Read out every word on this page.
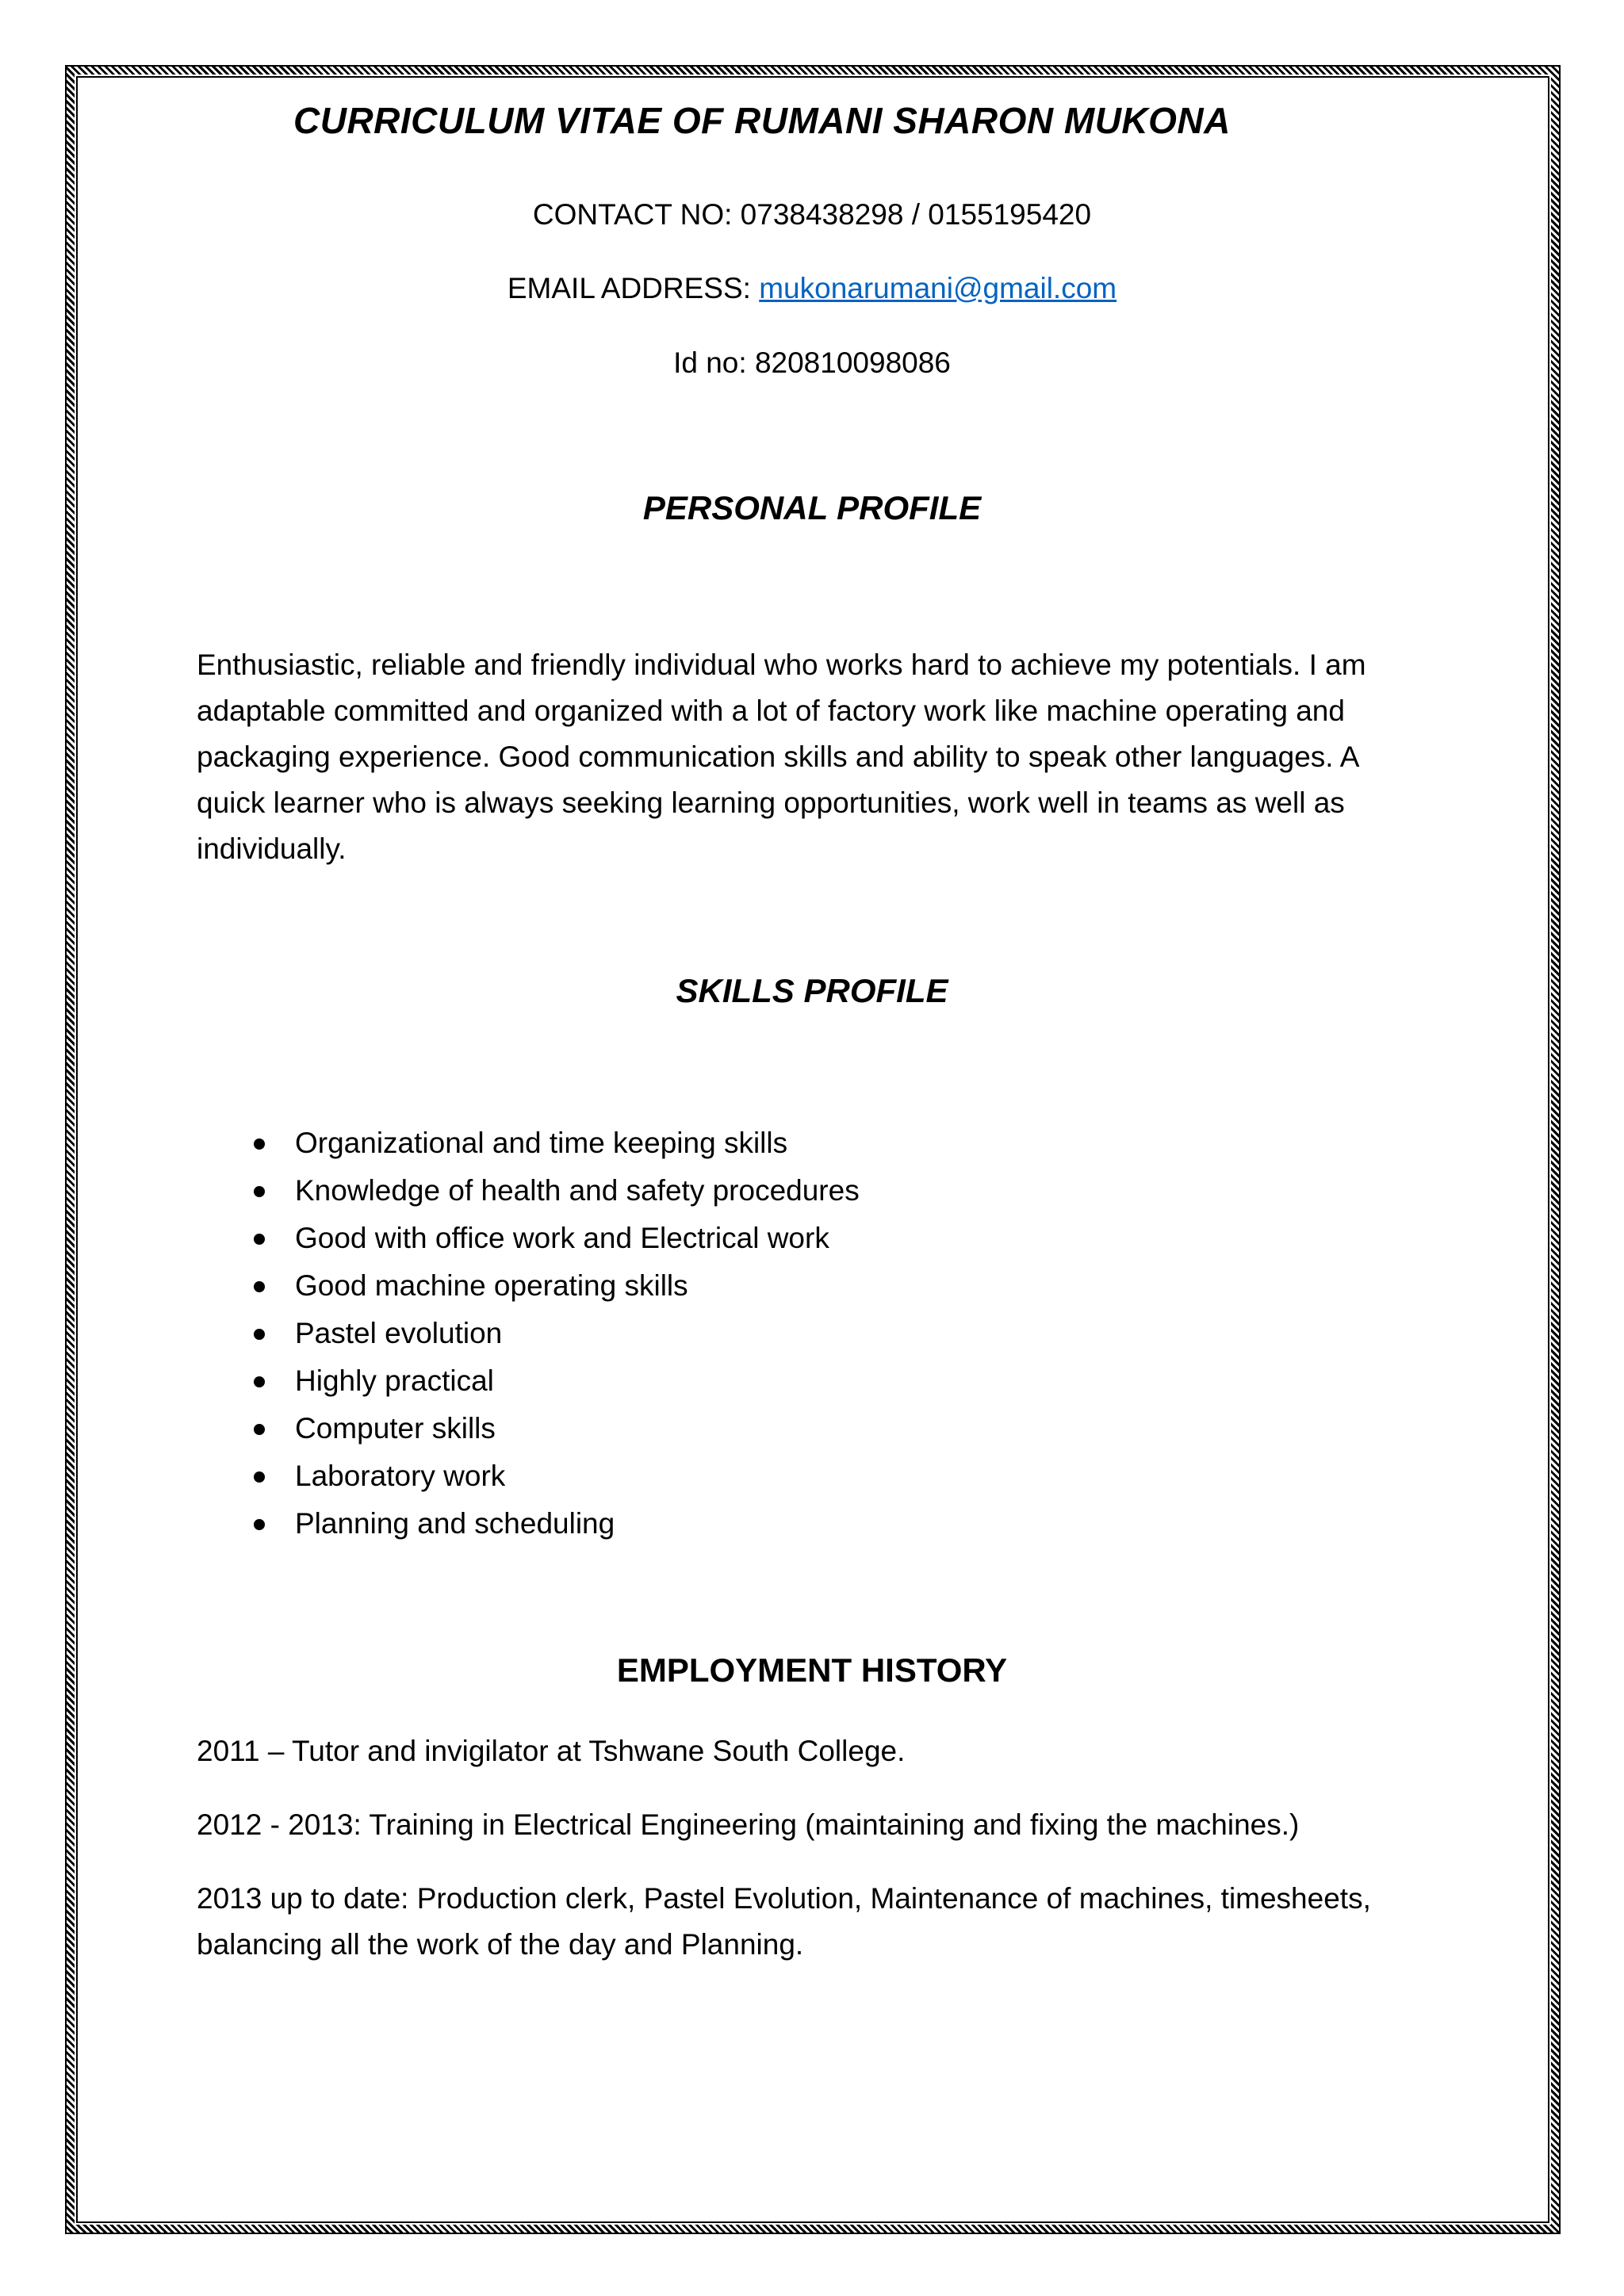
CURRICULUM VITAE OF RUMANI SHARON MUKONA
CONTACT NO: 0738438298 / 0155195420
EMAIL ADDRESS: mukonarumani@gmail.com
Id no: 820810098086
PERSONAL PROFILE
Enthusiastic, reliable and friendly individual who works hard to achieve my potentials. I am adaptable committed and organized with a lot of factory work like machine operating and packaging experience. Good communication skills and ability to speak other languages. A quick learner who is always seeking learning opportunities, work well in teams as well as individually.
SKILLS PROFILE
Organizational and time keeping skills
Knowledge of health and safety procedures
Good with office work and Electrical work
Good machine operating skills
Pastel evolution
Highly practical
Computer skills
Laboratory work
Planning and scheduling
EMPLOYMENT HISTORY
2011 – Tutor and invigilator at Tshwane South College.
2012 - 2013: Training in Electrical Engineering (maintaining and fixing the machines.)
2013 up to date: Production clerk, Pastel Evolution, Maintenance of machines, timesheets, balancing all the work of the day and Planning.
